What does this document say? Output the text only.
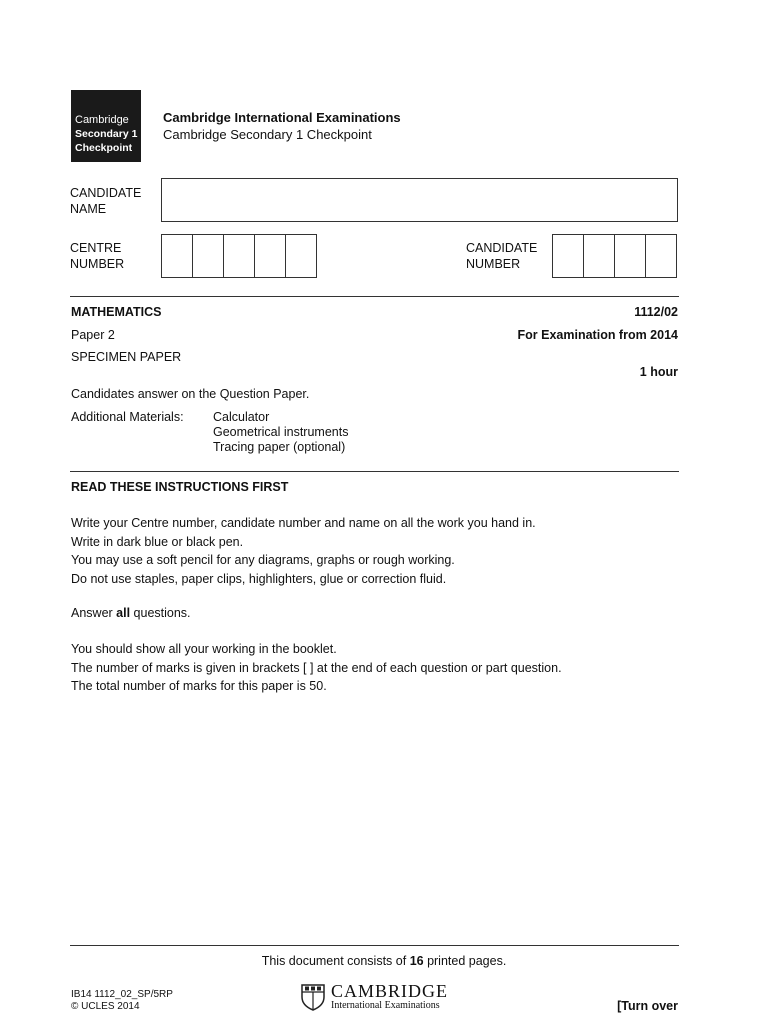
Cambridge
Secondary 1
Checkpoint
Cambridge International Examinations
Cambridge Secondary 1 Checkpoint
CANDIDATE
NAME
CENTRE
NUMBER
CANDIDATE
NUMBER
MATHEMATICS	1112/02
Paper 2	For Examination from 2014
SPECIMEN PAPER
1 hour
Candidates answer on the Question Paper.
Additional Materials: Calculator
Geometrical instruments
Tracing paper (optional)
READ THESE INSTRUCTIONS FIRST
Write your Centre number, candidate number and name on all the work you hand in.
Write in dark blue or black pen.
You may use a soft pencil for any diagrams, graphs or rough working.
Do not use staples, paper clips, highlighters, glue or correction fluid.
Answer all questions.
You should show all your working in the booklet.
The number of marks is given in brackets [ ] at the end of each question or part question.
The total number of marks for this paper is 50.
This document consists of 16 printed pages.
IB14 1112_02_SP/5RP
© UCLES 2014
CAMBRIDGE
International Examinations	[Turn over
